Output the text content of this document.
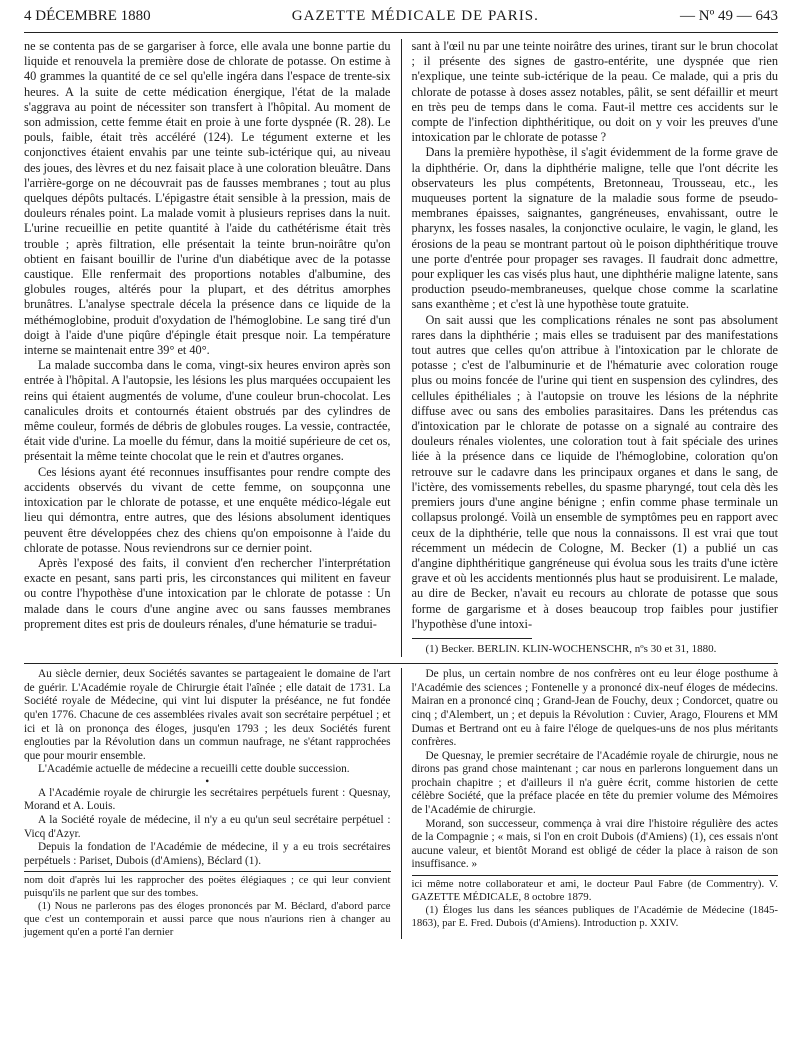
4 DÉCEMBRE 1880	GAZETTE MÉDICALE DE PARIS.	— Nº 49 — 643

ne se contenta pas de se gargariser à force, elle avala une bonne partie du liquide et renouvela la première dose de chlorate de potasse. On estime à 40 grammes la quantité de ce sel qu'elle ingéra dans l'espace de trente-six heures. A la suite de cette médication énergique, l'état de la malade s'aggrava au point de nécessiter son transfert à l'hôpital. Au moment de son admission, cette femme était en proie à une forte dyspnée (R. 28). Le pouls, faible, était très accéléré (124). Le tégument externe et les conjonctives étaient envahis par une teinte sub-ictérique qui, au niveau des joues, des lèvres et du nez faisait place à une coloration bleuâtre. Dans l'arrière-gorge on ne découvrait pas de fausses membranes ; tout au plus quelques dépôts pultacés. L'épigastre était sensible à la pression, mais de douleurs rénales point. La malade vomit à plusieurs reprises dans la nuit. L'urine recueillie en petite quantité à l'aide du cathétérisme était très trouble ; après filtration, elle présentait la teinte brun-noirâtre qu'on obtient en faisant bouillir de l'urine d'un diabétique avec de la potasse caustique. Elle renfermait des proportions notables d'albumine, des globules rouges, altérés pour la plupart, et des détritus amorphes brunâtres. L'analyse spectrale décela la présence dans ce liquide de la méthémoglobine, produit d'oxydation de l'hémoglobine. Le sang tiré d'un doigt à l'aide d'une piqûre d'épingle était presque noir. La température interne se maintenait entre 39° et 40°.

La malade succomba dans le coma, vingt-six heures environ après son entrée à l'hôpital. A l'autopsie, les lésions les plus marquées occupaient les reins qui étaient augmentés de volume, d'une couleur brun-chocolat. Les canalicules droits et contournés étaient obstrués par des cylindres de même couleur, formés de débris de globules rouges. La vessie, contractée, était vide d'urine. La moelle du fémur, dans la moitié supérieure de cet os, présentait la même teinte chocolat que le rein et d'autres organes.

Ces lésions ayant été reconnues insuffisantes pour rendre compte des accidents observés du vivant de cette femme, on soupçonna une intoxication par le chlorate de potasse, et une enquête médico-légale eut lieu qui démontra, entre autres, que des lésions absolument identiques peuvent être développées chez des chiens qu'on empoisonne à l'aide du chlorate de potasse. Nous reviendrons sur ce dernier point.

Après l'exposé des faits, il convient d'en rechercher l'interprétation exacte en pesant, sans parti pris, les circonstances qui militent en faveur ou contre l'hypothèse d'une intoxication par le chlorate de potasse : Un malade dans le cours d'une angine avec ou sans fausses membranes proprement dites est pris de douleurs rénales, d'une hématurie se tradui-

sant à l'œil nu par une teinte noirâtre des urines, tirant sur le brun chocolat ; il présente des signes de gastro-entérite, une dyspnée que rien n'explique, une teinte sub-ictérique de la peau. Ce malade, qui a pris du chlorate de potasse à doses assez notables, pâlit, se sent défaillir et meurt en très peu de temps dans le coma. Faut-il mettre ces accidents sur le compte de l'infection diphthéritique, ou doit on y voir les preuves d'une intoxication par le chlorate de potasse ?

Dans la première hypothèse, il s'agit évidemment de la forme grave de la diphthérie. Or, dans la diphthérie maligne, telle que l'ont décrite les observateurs les plus compétents, Bretonneau, Trousseau, etc., les muqueuses portent la signature de la maladie sous forme de pseudo-membranes épaisses, saignantes, gangréneuses, envahissant, outre le pharynx, les fosses nasales, la conjonctive oculaire, le vagin, le gland, les érosions de la peau se montrant partout où le poison diphthéritique trouve une porte d'entrée pour propager ses ravages. Il faudrait donc admettre, pour expliquer les cas visés plus haut, une diphthérie maligne latente, sans production pseudo-membraneuses, quelque chose comme la scarlatine sans exanthème ; et c'est là une hypothèse toute gratuite.

On sait aussi que les complications rénales ne sont pas absolument rares dans la diphthérie ; mais elles se traduisent par des manifestations tout autres que celles qu'on attribue à l'intoxication par le chlorate de potasse ; c'est de l'albuminurie et de l'hématurie avec coloration rouge plus ou moins foncée de l'urine qui tient en suspension des cylindres, des cellules épithéliales ; à l'autopsie on trouve les lésions de la néphrite diffuse avec ou sans des embolies parasitaires. Dans les prétendus cas d'intoxication par le chlorate de potasse on a signalé au contraire des douleurs rénales violentes, une coloration tout à fait spéciale des urines liée à la présence dans ce liquide de l'hémoglobine, coloration qu'on retrouve sur le cadavre dans les principaux organes et dans le sang, de l'ictère, des vomissements rebelles, du spasme pharyngé, tout cela dès les premiers jours d'une angine bénigne ; enfin comme phase terminale un collapsus prolongé. Voilà un ensemble de symptômes peu en rapport avec ceux de la diphthérie, telle que nous la connaissons. Il est vrai que tout récemment un médecin de Cologne, M. Becker (1) a publié un cas d'angine diphthéritique gangréneuse qui évolua sous les traits d'une ictère grave et où les accidents mentionnés plus haut se produisirent. Le malade, au dire de Becker, n'avait eu recours au chlorate de potasse que sous forme de gargarisme et à doses beaucoup trop faibles pour justifier l'hypothèse d'une intoxi-

(1) Becker. BERLIN. KLIN-WOCHENSCHR, nºs 30 et 31, 1880.

Au siècle dernier, deux Sociétés savantes se partageaient le domaine de l'art de guérir. L'Académie royale de Chirurgie était l'aînée ; elle datait de 1731. La Société royale de Médecine, qui vint lui disputer la préséance, ne fut fondée qu'en 1776. Chacune de ces assemblées rivales avait son secrétaire perpétuel ; et ici et là on prononça des éloges, jusqu'en 1793 ; les deux Sociétés furent englouties par la Révolution dans un commun naufrage, ne s'étant rapprochées que pour mourir ensemble.

L'Académie actuelle de médecine a recueilli cette double succession.

•

A l'Académie royale de chirurgie les secrétaires perpétuels furent : Quesnay, Morand et A. Louis.

A la Société royale de médecine, il n'y a eu qu'un seul secrétaire perpétuel : Vicq d'Azyr.

Depuis la fondation de l'Académie de médecine, il y a eu trois secrétaires perpétuels : Pariset, Dubois (d'Amiens), Béclard (1).

nom doit d'après lui les rapprocher des poëtes élégiaques ; ce qui leur convient puisqu'ils ne parlent que sur des tombes.

(1) Nous ne parlerons pas des éloges prononcés par M. Béclard, d'abord parce que c'est un contemporain et aussi parce que nous n'aurions rien à changer au jugement qu'en a porté l'an dernier

De plus, un certain nombre de nos confrères ont eu leur éloge posthume à l'Académie des sciences ; Fontenelle y a prononcé dix-neuf éloges de médecins. Mairan en a prononcé cinq ; Grand-Jean de Fouchy, deux ; Condorcet, quatre ou cinq ; d'Alembert, un ; et depuis la Révolution : Cuvier, Arago, Flourens et MM Dumas et Bertrand ont eu à faire l'éloge de quelques-uns de nos plus méritants confrères.

De Quesnay, le premier secrétaire de l'Académie royale de chirurgie, nous ne dirons pas grand chose maintenant ; car nous en parlerons longuement dans un prochain chapitre ; et d'ailleurs il n'a guère écrit, comme historien de cette célèbre Société, que la préface placée en tête du premier volume des Mémoires de l'Académie de chirurgie.

Morand, son successeur, commença à vrai dire l'histoire régulière des actes de la Compagnie ; « mais, si l'on en croit Dubois (d'Amiens) (1), ces essais n'ont aucune valeur, et bientôt Morand est obligé de céder la place à raison de son insuffisance. »

ici même notre collaborateur et ami, le docteur Paul Fabre (de Commentry). V. GAZETTE MÉDICALE, 8 octobre 1879.

(1) Éloges lus dans les séances publiques de l'Académie de Médecine (1845-1863), par E. Fred. Dubois (d'Amiens). Introduction p. XXIV.
